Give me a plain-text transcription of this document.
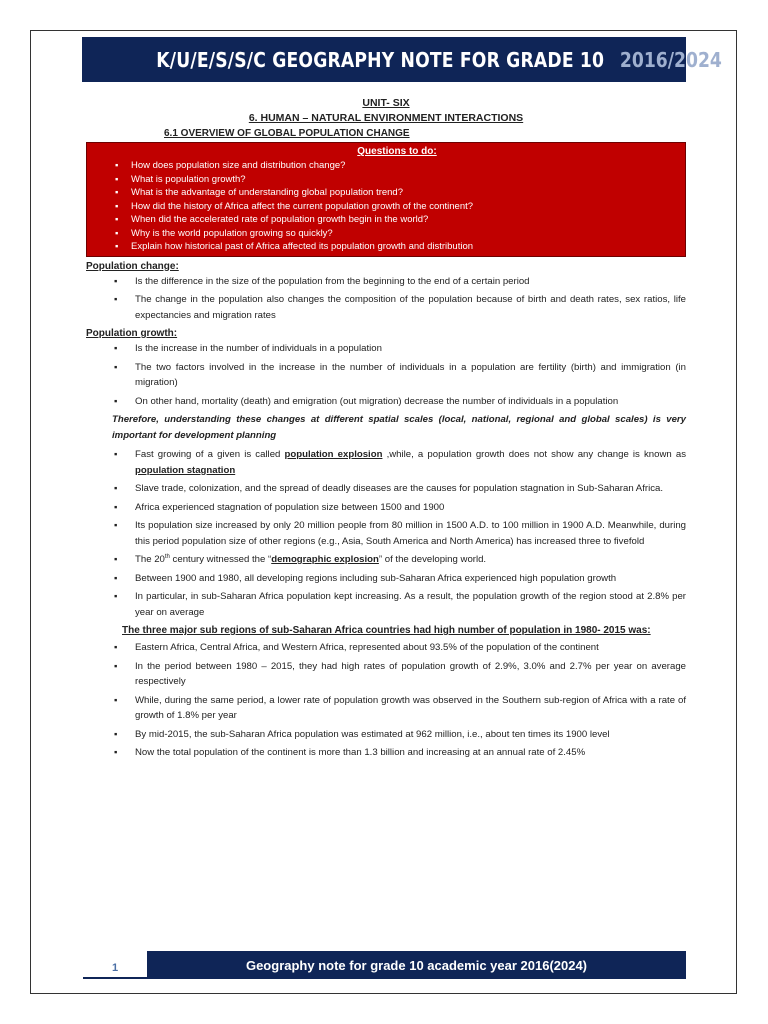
K/U/E/S/S/C GEOGRAPHY NOTE FOR GRADE 10 2016/2024

UNIT- SIX

6. HUMAN – NATURAL ENVIRONMENT INTERACTIONS

6.1 OVERVIEW OF GLOBAL POPULATION CHANGE

Questions to do:
▪ How does population size and distribution change?
▪ What is population growth?
▪ What is the advantage of understanding global population trend?
▪ How did the history of Africa affect the current population growth of the continent?
▪ When did the accelerated rate of population growth begin in the world?
▪ Why is the world population growing so quickly?
▪ Explain how historical past of Africa affected its population growth and distribution

Population change:

▪ Is the difference in the size of the population from the beginning to the end of a certain period
▪ The change in the population also changes the composition of the population because of birth and death rates, sex ratios, life expectancies and migration rates

Population growth:

▪ Is the increase in the number of individuals in a population
▪ The two factors involved in the increase in the number of individuals in a population are fertility (birth) and immigration (in migration)
▪ On other hand, mortality (death) and emigration (out migration) decrease the number of individuals in a population

Therefore, understanding these changes at different spatial scales (local, national, regional and global scales) is very important for development planning

▪ Fast growing of a given is called population explosion ,while, a population growth does not show any change is known as population stagnation
▪ Slave trade, colonization, and the spread of deadly diseases are the causes for population stagnation in Sub-Saharan Africa.
▪ Africa experienced stagnation of population size between 1500 and 1900
▪ Its population size increased by only 20 million people from 80 million in 1500 A.D. to 100 million in 1900 A.D. Meanwhile, during this period population size of other regions (e.g., Asia, South America and North America) has increased three to fivefold
▪ The 20th century witnessed the “demographic explosion” of the developing world.
▪ Between 1900 and 1980, all developing regions including sub-Saharan Africa experienced high population growth
▪ In particular, in sub-Saharan Africa population kept increasing. As a result, the population growth of the region stood at 2.8% per year on average

The three major sub regions of sub-Saharan Africa countries had high number of population in 1980- 2015 was:

▪ Eastern Africa, Central Africa, and Western Africa, represented about 93.5% of the population of the continent
▪ In the period between 1980 – 2015, they had high rates of population growth of 2.9%, 3.0% and 2.7% per year on average respectively
▪ While, during the same period, a lower rate of population growth was observed in the Southern sub-region of Africa with a rate of growth of 1.8% per year
▪ By mid-2015, the sub-Saharan Africa population was estimated at 962 million, i.e., about ten times its 1900 level
▪ Now the total population of the continent is more than 1.3 billion and increasing at an annual rate of 2.45%
1	Geography note for grade 10 academic year 2016(2024)
